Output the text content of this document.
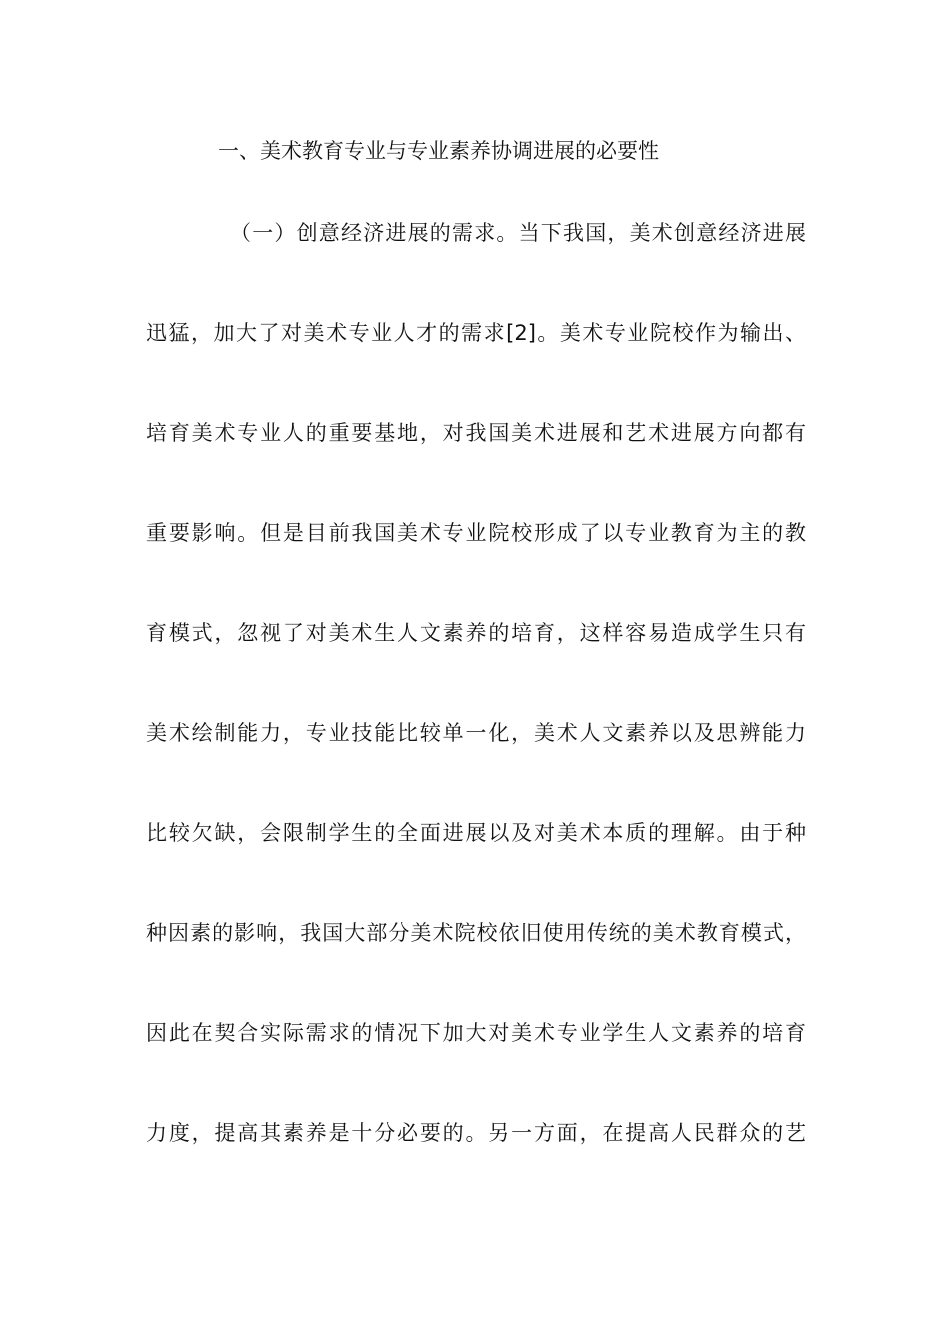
一、美术教育专业与专业素养协调进展的必要性
（一）创意经济进展的需求。当下我国，美术创意经济进展
迅猛，加大了对美术专业人才的需求[2]。美术专业院校作为输出、
培育美术专业人的重要基地，对我国美术进展和艺术进展方向都有
重要影响。但是目前我国美术专业院校形成了以专业教育为主的教
育模式，忽视了对美术生人文素养的培育，这样容易造成学生只有
美术绘制能力，专业技能比较单一化，美术人文素养以及思辨能力
比较欠缺，会限制学生的全面进展以及对美术本质的理解。由于种
种因素的影响，我国大部分美术院校依旧使用传统的美术教育模式，
因此在契合实际需求的情况下加大对美术专业学生人文素养的培育
力度，提高其素养是十分必要的。另一方面，在提高人民群众的艺
